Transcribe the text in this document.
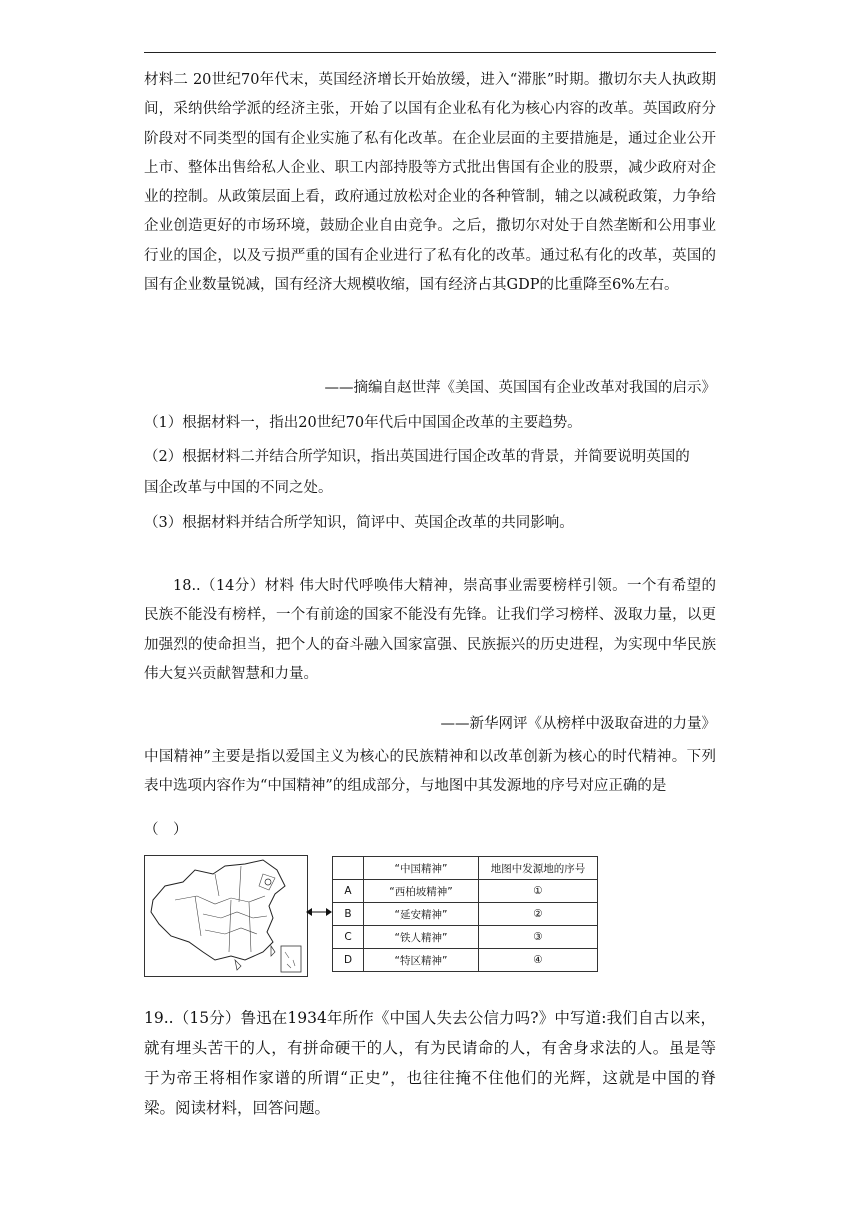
材料二 20世纪70年代末，英国经济增长开始放缓，进入“滞胀”时期。撒切尔夫人执政期间，采纳供给学派的经济主张，开始了以国有企业私有化为核心内容的改革。英国政府分阶段对不同类型的国有企业实施了私有化改革。在企业层面的主要措施是，通过企业公开上市、整体出售给私人企业、职工内部持股等方式批出售国有企业的股票，减少政府对企业的控制。从政策层面上看，政府通过放松对企业的各种管制，辅之以减税政策，力争给企业创造更好的市场环境，鼓励企业自由竞争。之后，撒切尔对处于自然垄断和公用事业行业的国企，以及亏损严重的国有企业进行了私有化的改革。通过私有化的改革，英国的国有企业数量锐减，国有经济大规模收缩，国有经济占其GDP的比重降至6%左右。

——摘编自赵世萍《美国、英国国有企业改革对我国的启示》
（1）根据材料一，指出20世纪70年代后中国国企改革的主要趋势。
（2）根据材料二并结合所学知识，指出英国进行国企改革的背景，并简要说明英国的
国企改革与中国的不同之处。
（3）根据材料并结合所学知识，简评中、英国企改革的共同影响。

18..（14分）材料 伟大时代呼唤伟大精神，崇高事业需要榜样引领。一个有希望的民族不能没有榜样，一个有前途的国家不能没有先锋。让我们学习榜样、汲取力量，以更加强烈的使命担当，把个人的奋斗融入国家富强、民族振兴的历史进程，为实现中华民族伟大复兴贡献智慧和力量。

——新华网评《从榜样中汲取奋进的力量》

中国精神”主要是指以爱国主义为核心的民族精神和以改革创新为核心的时代精神。下列表中选项内容作为“中国精神”的组成部分，与地图中其发源地的序号对应正确的是

（　）
	“中国精神”	地图中发源地的序号
A	“西柏坡精神”	①
B	“延安精神”	②
C	“铁人精神”	③
D	“特区精神”	④

19..（15分）鲁迅在1934年所作《中国人失去公信力吗?》中写道:我们自古以来，就有埋头苦干的人，有拼命硬干的人，有为民请命的人，有舍身求法的人。虽是等于为帝王将相作家谱的所谓“正史”，也往往掩不住他们的光辉，这就是中国的脊梁。阅读材料，回答问题。
